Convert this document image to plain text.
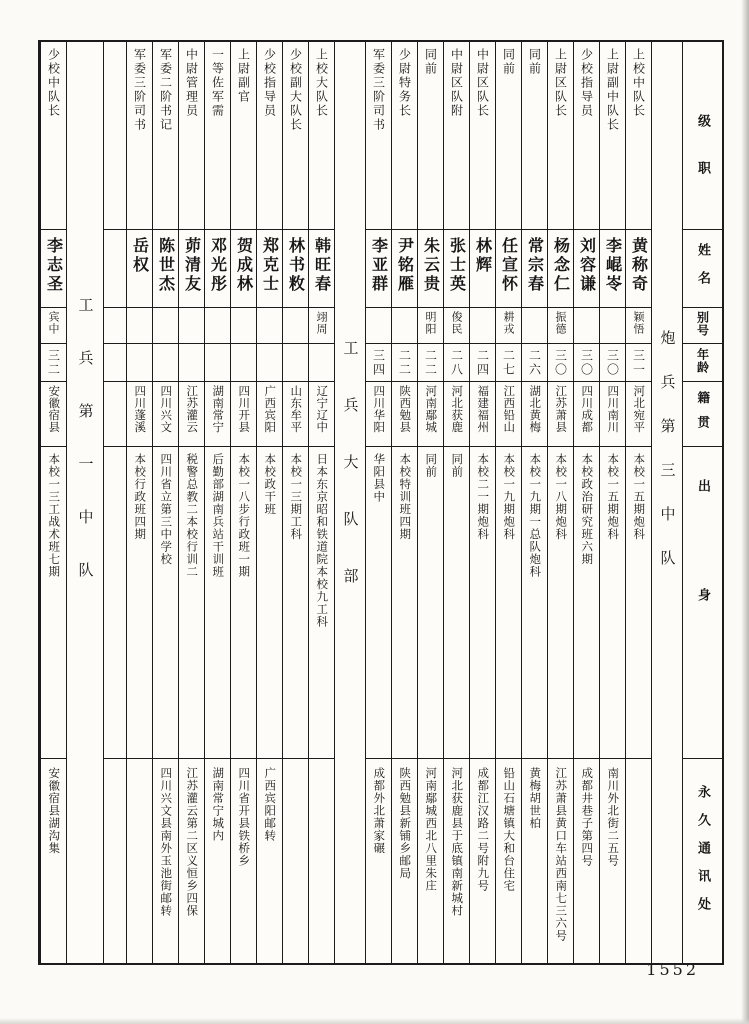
级职
姓名
别号
年龄
籍贯
出身
永久通讯处
炮兵第三中队
上校中队长
黄称奇
颖悟
三一
河北宛平
本校一五期炮科
上尉副中队长
李崐岺
三〇
四川南川
本校一五期炮科
南川外北街二五号
少校指导员
刘容谦
三〇
四川成都
本校政治研究班六期
成都井巷子第四号
上尉区队长
杨念仁
振德
三〇
江苏萧县
本校一八期炮科
江苏萧县黄口车站西南七三六号
同前
常宗春
二六
湖北黄梅
本校一九期一总队炮科
黄梅胡世柏
同前
任宣怀
耕戎
二七
江西铅山
本校一九期炮科
铅山石塘镇大和台住宅
中尉区队长
林辉
二四
福建福州
本校二一期炮科
成都江汉路二号附九号
中尉区队附
张士英
俊民
二八
河北获鹿
同前
河北获鹿县于底镇南新城村
同前
朱云贵
明阳
二二
河南鄢城
同前
河南鄢城西北八里朱庄
少尉特务长
尹铭雁
二二
陕西勉县
本校特训班四期
陕西勉县新铺乡邮局
军委三阶司书
李亚群
三四
四川华阳
华阳县中
成都外北萧家碾
工兵大队部
上校大队长
韩旺春
翊周
辽宁辽中
日本东京昭和铁道院本校九工科
少校副大队长
林书敉
山东牟平
本校一三期工科
少校指导员
郑克士
广西宾阳
本校政干班
广西宾阳邮转
上尉副官
贺成林
四川开县
本校一八步行政班一期
四川省开县铁桥乡
一等佐军需
邓光彤
湖南常宁
后勤部湖南兵站干训班
湖南常宁城内
中尉管理员
茆清友
江苏灌云
税警总教二本校行训二
江苏灌云第二区义恒乡四保
军委二阶书记
陈世杰
四川兴文
四川省立第三中学校
四川兴文县南外玉池街邮转
军委三阶司书
岳权
四川蓬溪
本校行政班四期
工兵第一中队
少校中队长
李志圣
宾中
三二
安徽宿县
本校一三工战术班七期
安徽宿县湖沟集
1552
